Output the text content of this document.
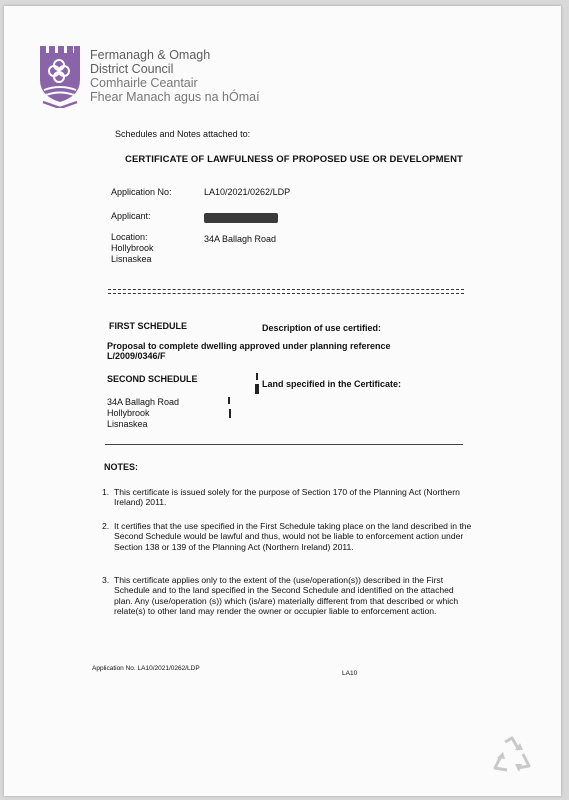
Fermanagh & Omagh
District Council
Comhairle Ceantair
Fhear Manach agus na hÓmaí
Schedules and Notes attached to:
CERTIFICATE OF LAWFULNESS OF PROPOSED USE OR DEVELOPMENT
Application No:	LA10/2021/0262/LDP
Applicant:
Location:	34A Ballagh Road
Hollybrook
Lisnaskea
FIRST SCHEDULE	Description of use certified:
Proposal to complete dwelling approved under planning reference
L/2009/0346/F
SECOND SCHEDULE	Land specified in the Certificate:
34A Ballagh Road
Hollybrook
Lisnaskea
NOTES:
1. This certificate is issued solely for the purpose of Section 170 of the Planning Act (Northern Ireland) 2011.
2. It certifies that the use specified in the First Schedule taking place on the land described in the Second Schedule would be lawful and thus, would not be liable to enforcement action under Section 138 or 139 of the Planning Act (Northern Ireland) 2011.
3. This certificate applies only to the extent of the (use/operation(s)) described in the First Schedule and to the land specified in the Second Schedule and identified on the attached plan. Any (use/operation (s)) which (is/are) materially different from that described or which relate(s) to other land may render the owner or occupier liable to enforcement action.
Application No. LA10/2021/0262/LDP
LA10
